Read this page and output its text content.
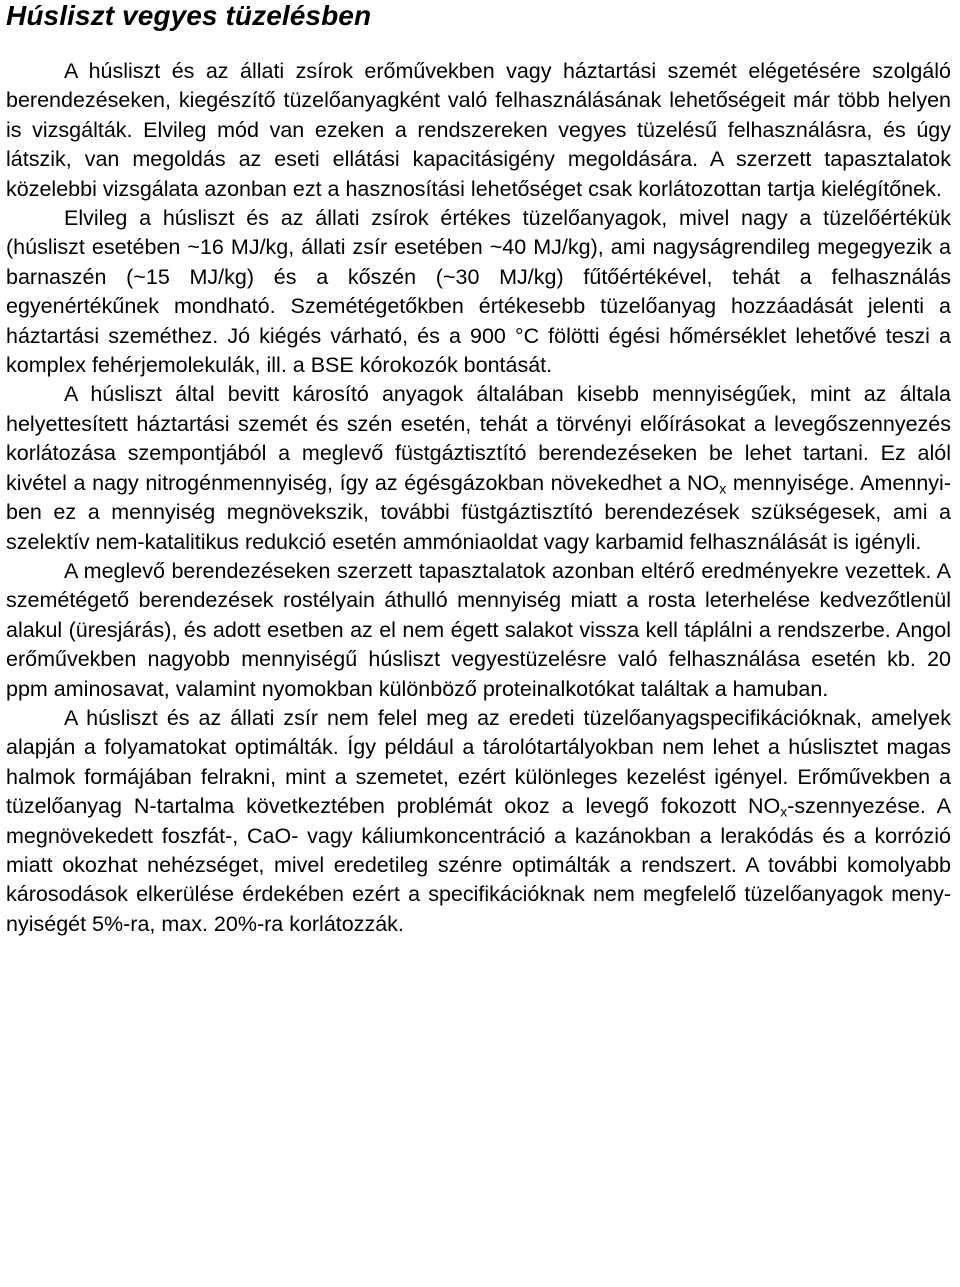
Húsliszt vegyes tüzelésben

A húsliszt és az állati zsírok erőművekben vagy háztartási szemét elégetésére szolgáló berendezéseken, kiegészítő tüzelőanyagként való felhasználásának lehetőségeit már több helyen is vizsgálták. Elvileg mód van ezeken a rendszereken vegyes tüzelésű felhasználásra, és úgy látszik, van megoldás az eseti ellátási kapacitásigény megoldására. A szerzett tapasztalatok közelebbi vizsgálata azonban ezt a hasznosítási lehetőséget csak korlátozottan tartja kielégítőnek.

Elvileg a húsliszt és az állati zsírok értékes tüzelőanyagok, mivel nagy a tüzelőértékük (húsliszt esetében ~16 MJ/kg, állati zsír esetében ~40 MJ/kg), ami nagyságrendileg megegyezik a barnaszén (~15 MJ/kg) és a kőszén (~30 MJ/kg) fűtőértékével, tehát a felhasználás egyenértékűnek mondható. Szemétégetőkben értékesebb tüzelőanyag hozzáadását jelenti a háztartási szeméthez. Jó kiégés várható, és a 900 °C fölötti égési hőmérséklet lehetővé teszi a komplex fehérjemolekulák, ill. a BSE kórokozók bontását.

A húsliszt által bevitt károsító anyagok általában kisebb mennyiségűek, mint az általa helyettesített háztartási szemét és szén esetén, tehát a törvényi előírásokat a levegőszennyezés korlátozása szempontjából a meglevő füstgáztisztító berendezéseken be lehet tartani. Ez alól kivétel a nagy nitrogénmennyiség, így az égésgázokban növekedhet a $NO_x$ mennyisége. Amennyiben ez a mennyiség megnövekszik, további füstgáztisztító berendezések szükségesek, ami a szelektív nem-katalitikus redukció esetén ammóniaoldat vagy karbamid felhasználását is igényli.

A meglevő berendezéseken szerzett tapasztalatok azonban eltérő eredményekre vezettek. A szemétégető berendezések rostélyain áthulló mennyiség miatt a rosta leterhelése kedvezőtlenül alakul (üresjárás), és adott esetben az el nem égett salakot vissza kell táplálni a rendszerbe. Angol erőművekben nagyobb mennyiségű húsliszt vegyestüzelésre való felhasználása esetén kb. 20 ppm aminosavat, valamint nyomokban különböző proteinalkotókat találtak a hamuban.

A húsliszt és az állati zsír nem felel meg az eredeti tüzelőanyagspecifikációknak, amelyek alapján a folyamatokat optimálták. Így például a tárolótartályokban nem lehet a húslisztet magas halmok formájában felrakni, mint a szemetet, ezért különleges kezelést igényel. Erőművekben a tüzelőanyag N-tartalma következtében problémát okoz a levegő fokozott $NO_x$-szennyezése. A megnövekedett foszfát-, CaO- vagy káliumkoncentráció a kazánokban a lerakódás és a korrózió miatt okozhat nehézséget, mivel eredetileg szénre optimálták a rendszert. A további komolyabb károsodások elkerülése érdekében ezért a specifikációknak nem megfelelő tüzelőanyagok menynyiségét 5%-ra, max. 20%-ra korlátozzák.
